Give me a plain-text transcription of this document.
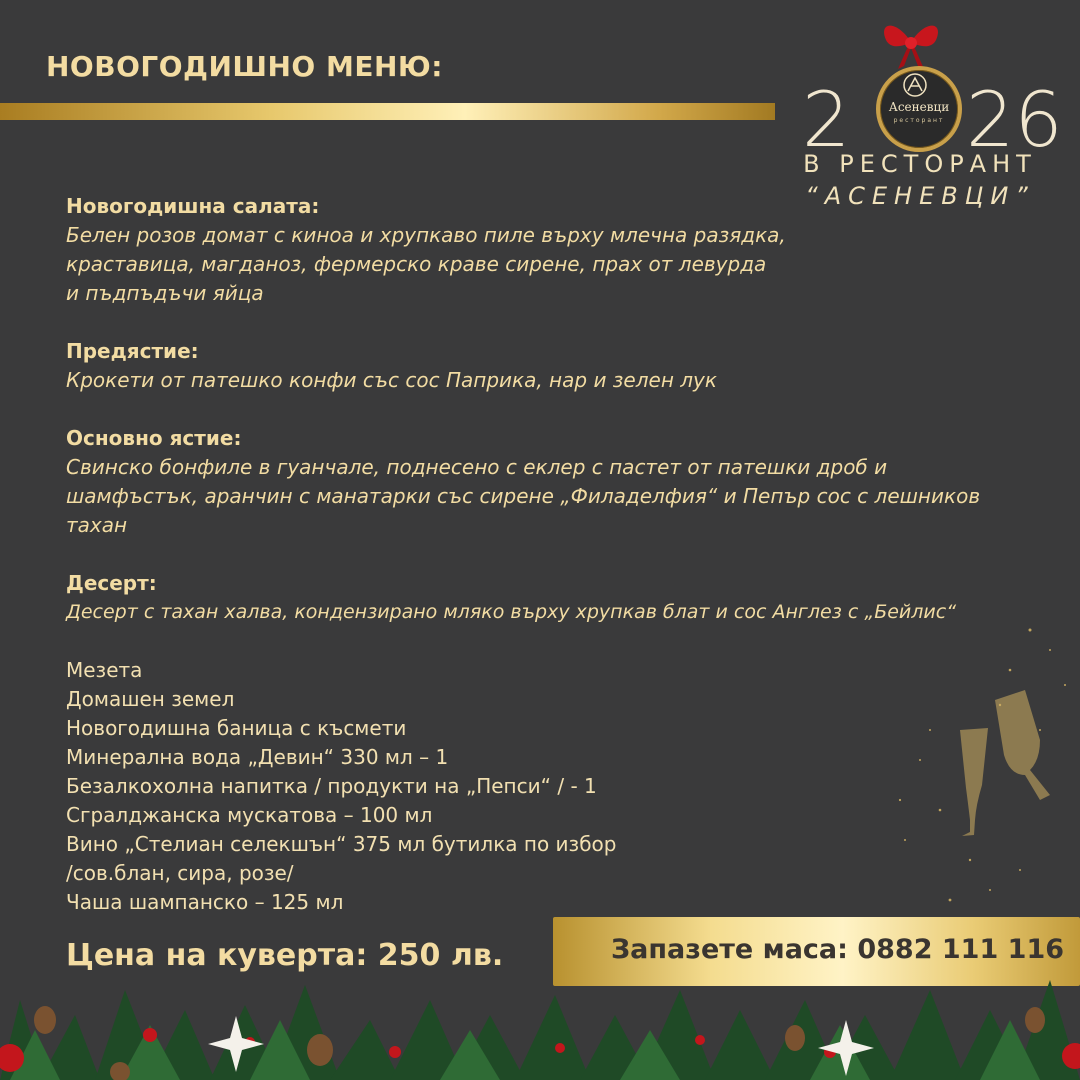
НОВОГОДИШНО МЕНЮ:
2	Асеневци
ресторант 26
В РЕСТОРАНТ
“АСЕНЕВЦИ”

Новогодишна салата:

Белен розов домат с киноа и хрупкаво пиле върху млечна разядка,

краставица, магданоз, фермерско краве сирене, прах от левурда

и пъдпъдъчи яйца

Предястие:

Крокети от патешко конфи със сос Паприка, нар и зелен лук

Основно ястие:

Свинско бонфиле в гуанчале, поднесено с еклер с пастет от патешки дроб и

шамфъстък, аранчин с манатарки със сирене „Филаделфия“ и Пепър сос с лешников

тахан

Десерт:

Десерт с тахан халва, кондензирано мляко върху хрупкав блат и сос Англез с „Бейлис“

Мезета

Домашен земел

Новогодишна баница с късмети

Минерална вода „Девин“ 330 мл – 1

Безалкохолна напитка / продукти на „Пепси“ / - 1

Сгралджанска мускатова – 100 мл

Вино „Стелиан селекшън“ 375 мл бутилка по избор

/сов.блан, сира, розе/

Чаша шампанско – 125 мл

Цена на куверта: 250 лв.	Запазете маса: 0882 111 116
